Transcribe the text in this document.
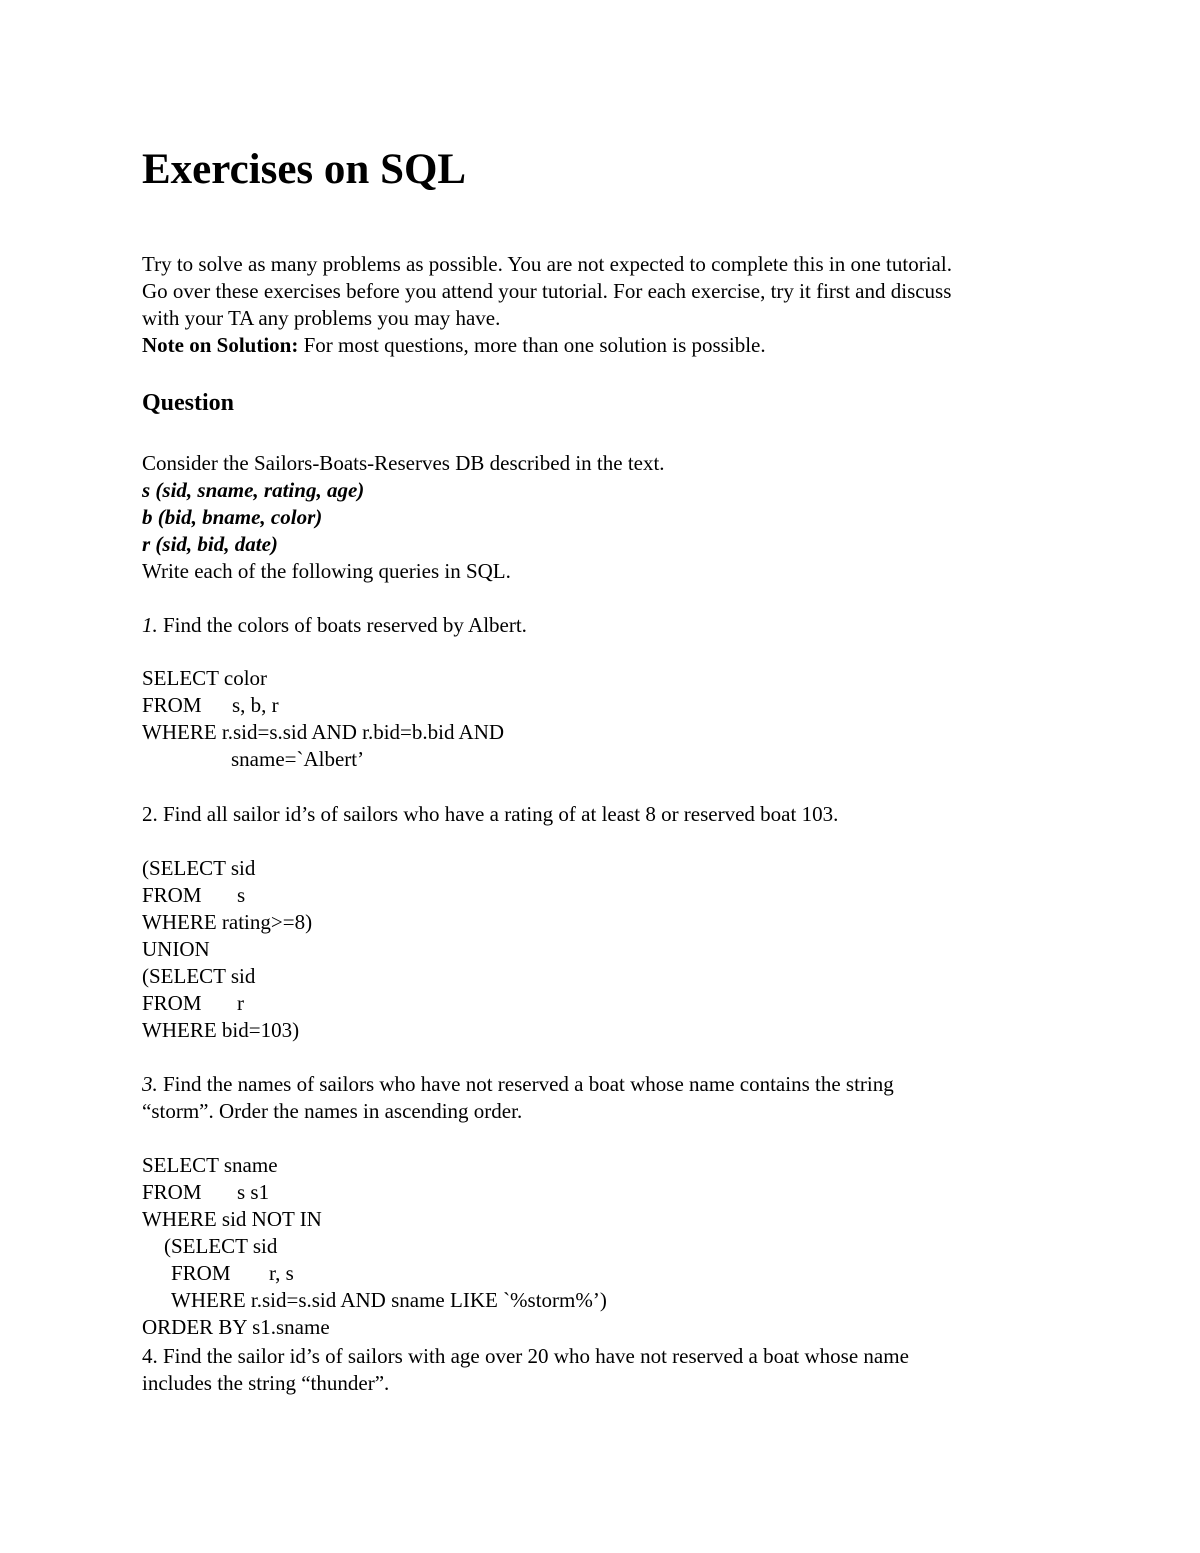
Exercises on SQL
Try to solve as many problems as possible. You are not expected to complete this in one tutorial.
Go over these exercises before you attend your tutorial. For each exercise, try it first and discuss
with your TA any problems you may have.
Note on Solution: For most questions, more than one solution is possible.
Question
Consider the Sailors-Boats-Reserves DB described in the text.
s (sid, sname, rating, age)
b (bid, bname, color)
r (sid, bid, date)
Write each of the following queries in SQL.
1. Find the colors of boats reserved by Albert.
SELECT color
FROM s, b, r
WHERE r.sid=s.sid AND r.bid=b.bid AND
sname=`Albert’
2. Find all sailor id’s of sailors who have a rating of at least 8 or reserved boat 103.
(SELECT sid
FROM s
WHERE rating>=8)
UNION
(SELECT sid
FROM r
WHERE bid=103)
3. Find the names of sailors who have not reserved a boat whose name contains the string
“storm”. Order the names in ascending order.
SELECT sname
FROM s s1
WHERE sid NOT IN
(SELECT sid
FROM r, s
WHERE r.sid=s.sid AND sname LIKE `%storm%’)
ORDER BY s1.sname
4. Find the sailor id’s of sailors with age over 20 who have not reserved a boat whose name
includes the string “thunder”.
